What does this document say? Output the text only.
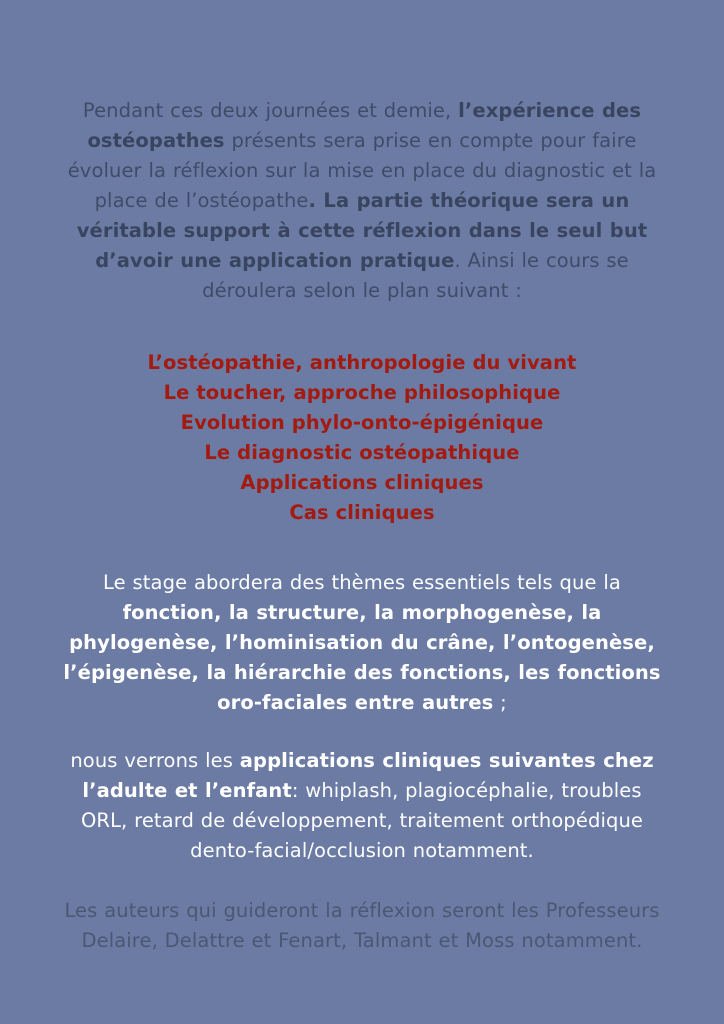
Pendant ces deux journées et demie, l’expérience des ostéopathes présents sera prise en compte pour faire évoluer la réflexion sur la mise en place du diagnostic et la place de l’ostéopathe. La partie théorique sera un véritable support à cette réflexion dans le seul but d’avoir une application pratique. Ainsi le cours se déroulera selon le plan suivant :

L’ostéopathie, anthropologie du vivant
Le toucher, approche philosophique
Evolution phylo-onto-épigénique
Le diagnostic ostéopathique
Applications cliniques
Cas cliniques

Le stage abordera des thèmes essentiels tels que la fonction, la structure, la morphogenèse, la phylogenèse, l’hominisation du crâne, l’ontogenèse, l’épigenèse, la hiérarchie des fonctions, les fonctions oro-faciales entre autres ;

nous verrons les applications cliniques suivantes chez l’adulte et l’enfant: whiplash, plagiocéphalie, troubles ORL, retard de développement, traitement orthopédique dento-facial/occlusion notamment.

Les auteurs qui guideront la réflexion seront les Professeurs Delaire, Delattre et Fenart, Talmant et Moss notamment.
